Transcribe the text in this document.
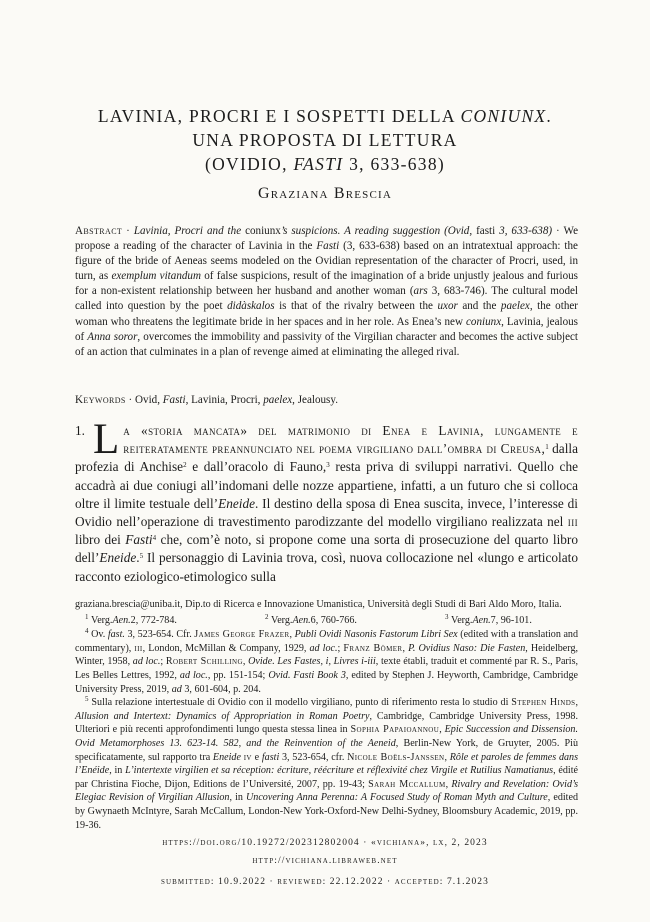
LAVINIA, PROCRI E I SOSPETTI DELLA CONIUNX.
UNA PROPOSTA DI LETTURA
(OVIDIO, FASTI 3, 633-638)
Graziana Brescia
Abstract · Lavinia, Procri and the coniunx’s suspicions. A reading suggestion (Ovid, fasti 3, 633-638) · We propose a reading of the character of Lavinia in the Fasti (3, 633-638) based on an intratextual approach: the figure of the bride of Aeneas seems modeled on the Ovidian representation of the character of Procri, used, in turn, as exemplum vitandum of false suspicions, result of the imagination of a bride unjustly jealous and furious for a non-existent relationship between her husband and another woman (ars 3, 683-746). The cultural model called into question by the poet didàskalos is that of the rivalry between the uxor and the paelex, the other woman who threatens the legitimate bride in her spaces and in her role. As Enea’s new coniunx, Lavinia, jealous of Anna soror, overcomes the immobility and passivity of the Virgilian character and becomes the active subject of an action that culminates in a plan of revenge aimed at eliminating the alleged rival.
Keywords · Ovid, Fasti, Lavinia, Procri, paelex, Jealousy.
1. L a «storia mancata» del matrimonio di Enea e Lavinia, lungamente e reiteratamente preannunciato nel poema virgiliano dall’ombra di Creusa,$^1$ dalla profezia di Anchise$^2$ e dall’oracolo di Fauno,$^3$ resta priva di sviluppi narrativi. Quello che accadrà ai due coniugi all’indomani delle nozze appartiene, infatti, a un futuro che si colloca oltre il limite testuale dell’Eneide. Il destino della sposa di Enea suscita, invece, l’interesse di Ovidio nell’operazione di travestimento parodizzante del modello virgiliano realizzata nel iii libro dei Fasti$^4$ che, com’è noto, si propone come una sorta di prosecuzione del quarto libro dell’Eneide.$^5$ Il personaggio di Lavinia trova, così, nuova collocazione nel «lungo e articolato racconto eziologico-etimologico sulla

graziana.brescia@uniba.it, Dip.to di Ricerca e Innovazione Umanistica, Università degli Studi di Bari Aldo Moro, Italia.

$^1$ Verg.Aen.2, 772-784.	$^2$ Verg.Aen.6, 760-766.	$^3$ Verg.Aen.7, 96-101.

$^4$ Ov. fast. 3, 523-654. Cfr. James George Frazer, Publi Ovidi Nasonis Fastorum Libri Sex (edited with a translation and commentary), iii, London, McMillan & Company, 1929, ad loc.; Franz Bömer, P. Ovidius Naso: Die Fasten, Heidelberg, Winter, 1958, ad loc.; Robert Schilling, Ovide. Les Fastes, i, Livres i-iii, texte établi, traduit et commenté par R. S., Paris, Les Belles Lettres, 1992, ad loc., pp. 151-154; Ovid. Fasti Book 3, edited by Stephen J. Heyworth, Cambridge, Cambridge University Press, 2019, ad 3, 601-604, p. 204.

$^5$ Sulla relazione intertestuale di Ovidio con il modello virgiliano, punto di riferimento resta lo studio di Stephen Hinds, Allusion and Intertext: Dynamics of Appropriation in Roman Poetry, Cambridge, Cambridge University Press, 1998. Ulteriori e più recenti approfondimenti lungo questa stessa linea in Sophia Papaioannou, Epic Succession and Dissension. Ovid Metamorphoses 13. 623-14. 582, and the Reinvention of the Aeneid, Berlin-New York, de Gruyter, 2005. Più specificatamente, sul rapporto tra Eneide iv e fasti 3, 523-654, cfr. Nicole Boëls-Janssen, Rôle et paroles de femmes dans l’Enéide, in L’intertexte virgilien et sa réception: écriture, réécriture et réflexivité chez Virgile et Rutilius Namatianus, édité par Christina Fioche, Dijon, Editions de l’Université, 2007, pp. 19-43; Sarah Mccallum, Rivalry and Revelation: Ovid’s Elegiac Revision of Virgilian Allusion, in Uncovering Anna Perenna: A Focused Study of Roman Myth and Culture, edited by Gwynaeth McIntyre, Sarah McCallum, London-New York-Oxford-New Delhi-Sydney, Bloomsbury Academic, 2019, pp. 19-36.

https://doi.org/10.19272/202312802004 · «vichiana», lx, 2, 2023
http://vichiana.libraweb.net
submitted: 10.9.2022 · reviewed: 22.12.2022 · accepted: 7.1.2023
